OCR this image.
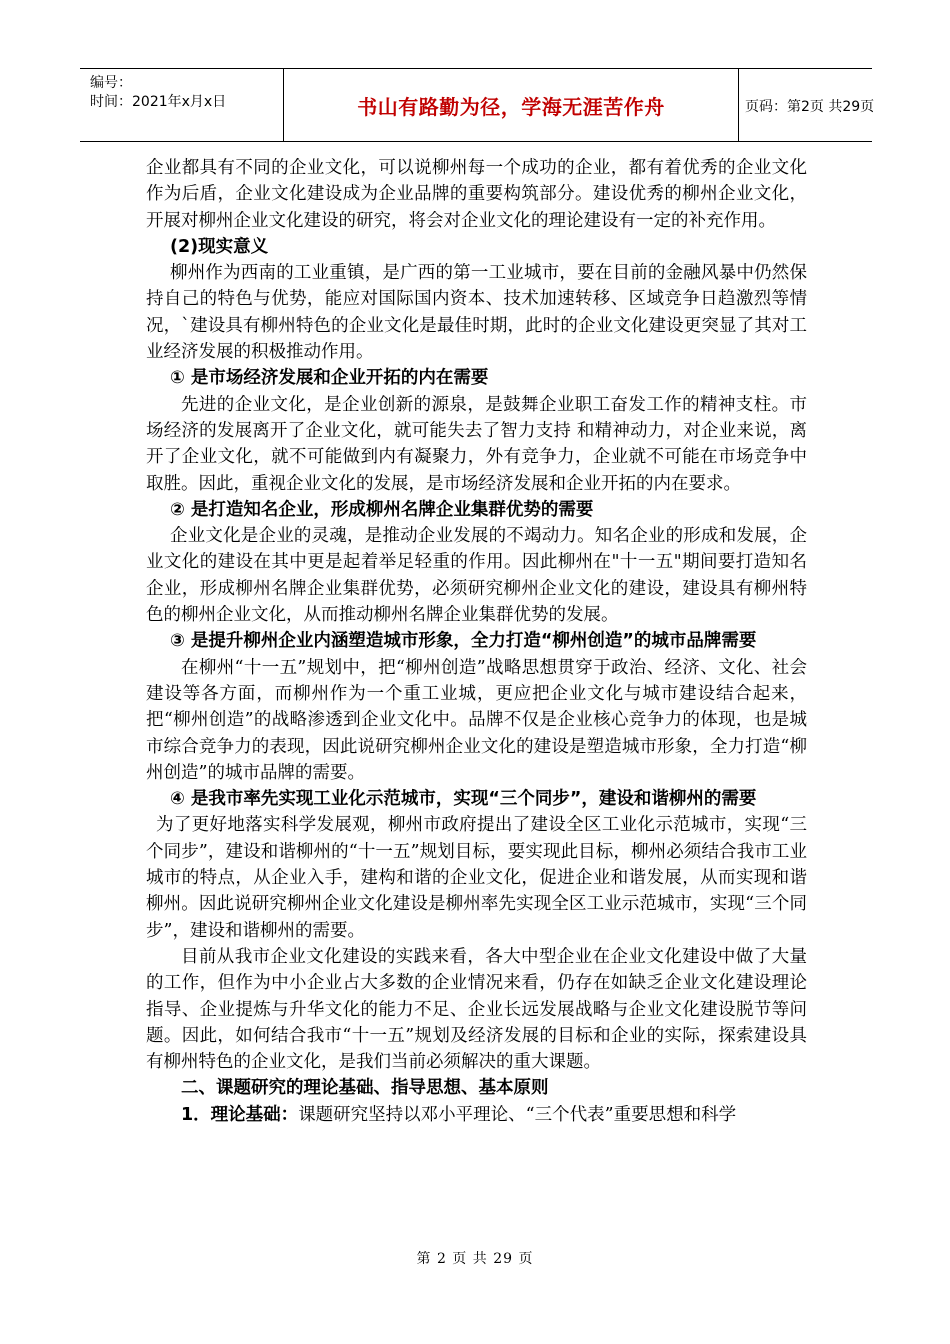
编号：
时间：2021年x月x日	书山有路勤为径，学海无涯苦作舟	页码：第2页 共29页

企业都具有不同的企业文化，可以说柳州每一个成功的企业，都有着优秀的企业文化作为后盾，企业文化建设成为企业品牌的重要构筑部分。建设优秀的柳州企业文化，开展对柳州企业文化建设的研究，将会对企业文化的理论建设有一定的补充作用。

(2)现实意义

柳州作为西南的工业重镇，是广西的第一工业城市，要在目前的金融风暴中仍然保持自己的特色与优势，能应对国际国内资本、技术加速转移、区域竞争日趋激烈等情况，`建设具有柳州特色的企业文化是最佳时期，此时的企业文化建设更突显了其对工业经济发展的积极推动作用。

① 是市场经济发展和企业开拓的内在需要

先进的企业文化，是企业创新的源泉，是鼓舞企业职工奋发工作的精神支柱。市场经济的发展离开了企业文化，就可能失去了智力支持 和精神动力，对企业来说，离开了企业文化，就不可能做到内有凝聚力，外有竞争力，企业就不可能在市场竞争中取胜。因此，重视企业文化的发展，是市场经济发展和企业开拓的内在要求。

② 是打造知名企业，形成柳州名牌企业集群优势的需要

企业文化是企业的灵魂，是推动企业发展的不竭动力。知名企业的形成和发展，企业文化的建设在其中更是起着举足轻重的作用。因此柳州在"十一五"期间要打造知名企业，形成柳州名牌企业集群优势，必须研究柳州企业文化的建设，建设具有柳州特色的柳州企业文化，从而推动柳州名牌企业集群优势的发展。

③ 是提升柳州企业内涵塑造城市形象，全力打造“柳州创造”的城市品牌需要

在柳州“十一五”规划中，把“柳州创造”战略思想贯穿于政治、经济、文化、社会建设等各方面，而柳州作为一个重工业城，更应把企业文化与城市建设结合起来，把“柳州创造”的战略渗透到企业文化中。品牌不仅是企业核心竞争力的体现，也是城市综合竞争力的表现，因此说研究柳州企业文化的建设是塑造城市形象，全力打造“柳州创造”的城市品牌的需要。

④ 是我市率先实现工业化示范城市，实现“三个同步”，建设和谐柳州的需要

为了更好地落实科学发展观，柳州市政府提出了建设全区工业化示范城市，实现“三个同步”，建设和谐柳州的“十一五”规划目标，要实现此目标，柳州必须结合我市工业城市的特点，从企业入手，建构和谐的企业文化，促进企业和谐发展，从而实现和谐柳州。因此说研究柳州企业文化建设是柳州率先实现全区工业示范城市，实现“三个同步”，建设和谐柳州的需要。

目前从我市企业文化建设的实践来看，各大中型企业在企业文化建设中做了大量的工作，但作为中小企业占大多数的企业情况来看，仍存在如缺乏企业文化建设理论指导、企业提炼与升华文化的能力不足、企业长远发展战略与企业文化建设脱节等问题。因此，如何结合我市“十一五”规划及经济发展的目标和企业的实际，探索建设具有柳州特色的企业文化，是我们当前必须解决的重大课题。

二、课题研究的理论基础、指导思想、基本原则

1．理论基础：课题研究坚持以邓小平理论、“三个代表”重要思想和科学

第 2 页 共 29 页
